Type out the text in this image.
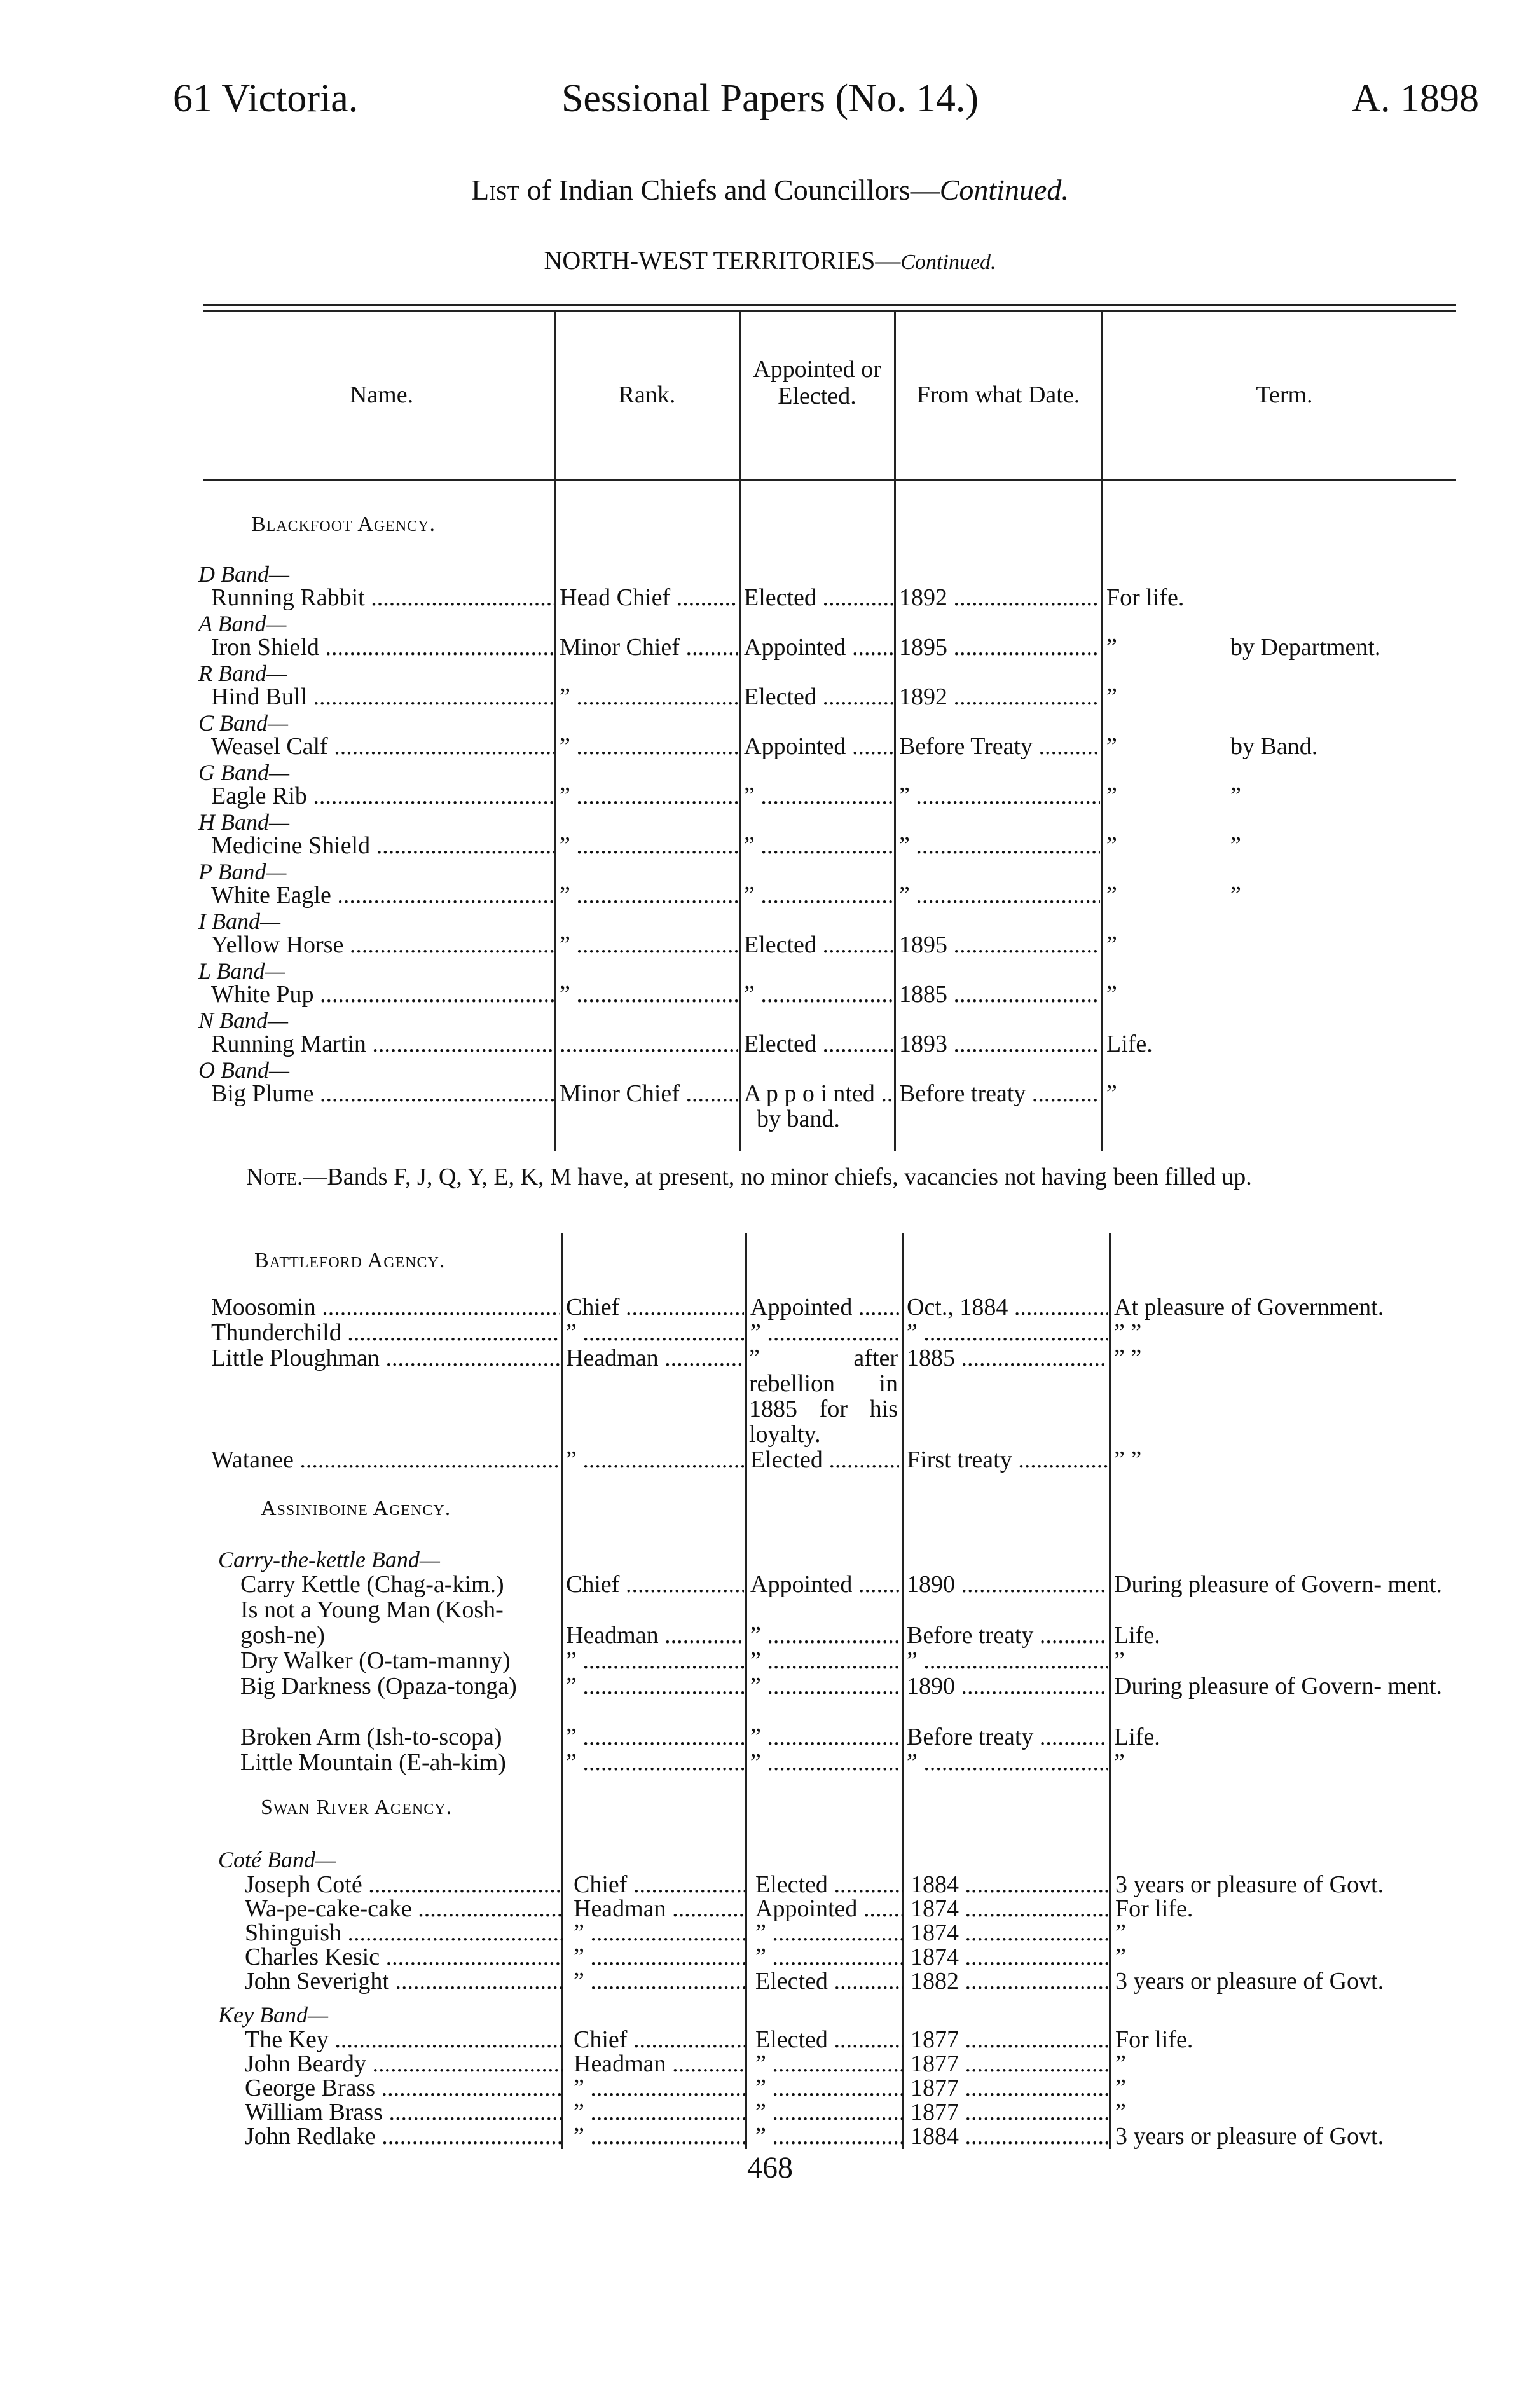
61 Victoria.	Sessional Papers (No. 14.)	A. 1898
List of Indian Chiefs and Councillors—Continued.
NORTH-WEST TERRITORIES—Continued.
Name.	Rank.
Appointed or Elected.	From what Date.	Term.
Blackfoot Agency.
D Band—
Running Rabbit .....	Head Chief .....	Elected .....	1892 .....	For life.
A Band—
Iron Shield .....	Minor Chief .....	Appointed .....	1895 .....	”	by Department.
R Band—
Hind Bull .....	” .....	Elected .....	1892 .....	”
C Band—
Weasel Calf .....	” .....	Appointed .....	Before Treaty .....	”	by Band.
G Band—
Eagle Rib .....	” .....	” .....	” .....	”	”
H Band—
Medicine Shield .....	” .....	” .....	” .....	”	”
P Band—
White Eagle .....	” .....	” .....	” .....	”	”
I Band—
Yellow Horse .....	” .....	Elected .....	1895 .....	”
L Band—
White Pup .....	” .....	” .....	1885 .....	”
N Band—
Running Martin .....
.....	Elected .....	1893 .....	Life.
O Band—
Big Plume .....	Minor Chief .....	A p p o i nted .....	Before treaty .....	”
by band.
Note.—Bands F, J, Q, Y, E, K, M have, at present, no minor chiefs, vacancies not having been filled up.
Battleford Agency.
Moosomin .....	Chief .....	Appointed .....	Oct., 1884 .....	At pleasure of Government.
Thunderchild .....	” .....	” .....	” .....	” ”
Little Ploughman .....	Headman .....	” after rebellion in 1885 for his loyalty.
1885 .....	” ”
Watanee .....	” .....	Elected .....	First treaty .....	” ”
Assiniboine Agency.
Carry-the-kettle Band—
Carry Kettle (Chag-a-kim.)	Chief .....	Appointed .....	1890 .....	During pleasure of Govern- ment.
Is not a Young Man (Kosh- gosh-ne)	Headman .....	” .....	Before treaty .....	Life.
Dry Walker (O-tam-manny)	” .....	” .....	” .....	”
Big Darkness (Opaza-tonga)	” .....	” .....	1890 .....	During pleasure of Govern- ment.
Broken Arm (Ish-to-scopa)	” .....	” .....	Before treaty .....	Life.
Little Mountain (E-ah-kim)	” .....	” .....	” .....	”
Swan River Agency.
Coté Band—
Joseph Coté .....	Chief .....	Elected .....	1884 .....	3 years or pleasure of Govt.
Wa-pe-cake-cake .....	Headman .....	Appointed .....	1874 .....	For life.
Shinguish .....	” .....	” .....	1874 .....	”
Charles Kesic .....	” .....	” .....	1874 .....	”
John Severight .....	” .....	Elected .....	1882 .....	3 years or pleasure of Govt.
Key Band—
The Key .....	Chief .....	Elected .....	1877 .....	For life.
John Beardy .....	Headman .....	” .....	1877 .....	”
George Brass .....	” .....	” .....	1877 .....	”
William Brass .....	” .....	” .....	1877 .....	”
John Redlake .....	” .....	” .....	1884 .....	3 years or pleasure of Govt.
468
